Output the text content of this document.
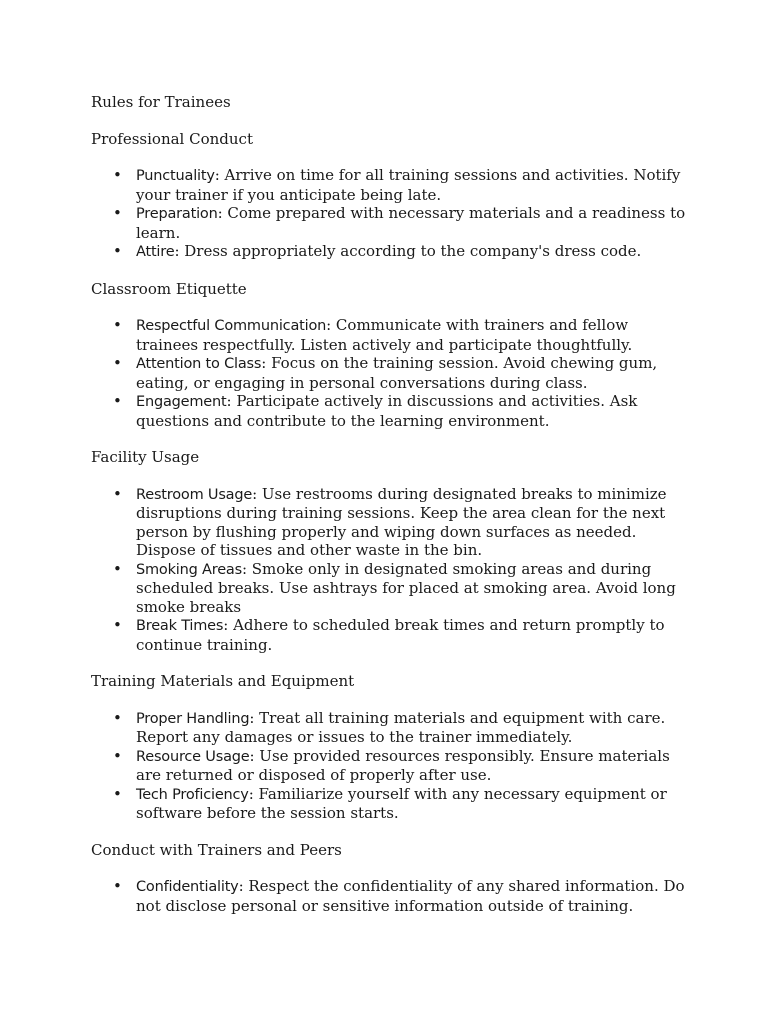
Rules for Trainees
Professional Conduct
• Punctuality: Arrive on time for all training sessions and activities. Notify your trainer if you anticipate being late.
• Preparation: Come prepared with necessary materials and a readiness to learn.
• Attire: Dress appropriately according to the company's dress code.
Classroom Etiquette
• Respectful Communication: Communicate with trainers and fellow trainees respectfully. Listen actively and participate thoughtfully.
• Attention to Class: Focus on the training session. Avoid chewing gum, eating, or engaging in personal conversations during class.
• Engagement: Participate actively in discussions and activities. Ask questions and contribute to the learning environment.
Facility Usage
• Restroom Usage: Use restrooms during designated breaks to minimize disruptions during training sessions. Keep the area clean for the next person by flushing properly and wiping down surfaces as needed. Dispose of tissues and other waste in the bin.
• Smoking Areas: Smoke only in designated smoking areas and during scheduled breaks. Use ashtrays for placed at smoking area. Avoid long smoke breaks
• Break Times: Adhere to scheduled break times and return promptly to continue training.
Training Materials and Equipment
• Proper Handling: Treat all training materials and equipment with care. Report any damages or issues to the trainer immediately.
• Resource Usage: Use provided resources responsibly. Ensure materials are returned or disposed of properly after use.
• Tech Proficiency: Familiarize yourself with any necessary equipment or software before the session starts.
Conduct with Trainers and Peers
• Confidentiality: Respect the confidentiality of any shared information. Do not disclose personal or sensitive information outside of training.
